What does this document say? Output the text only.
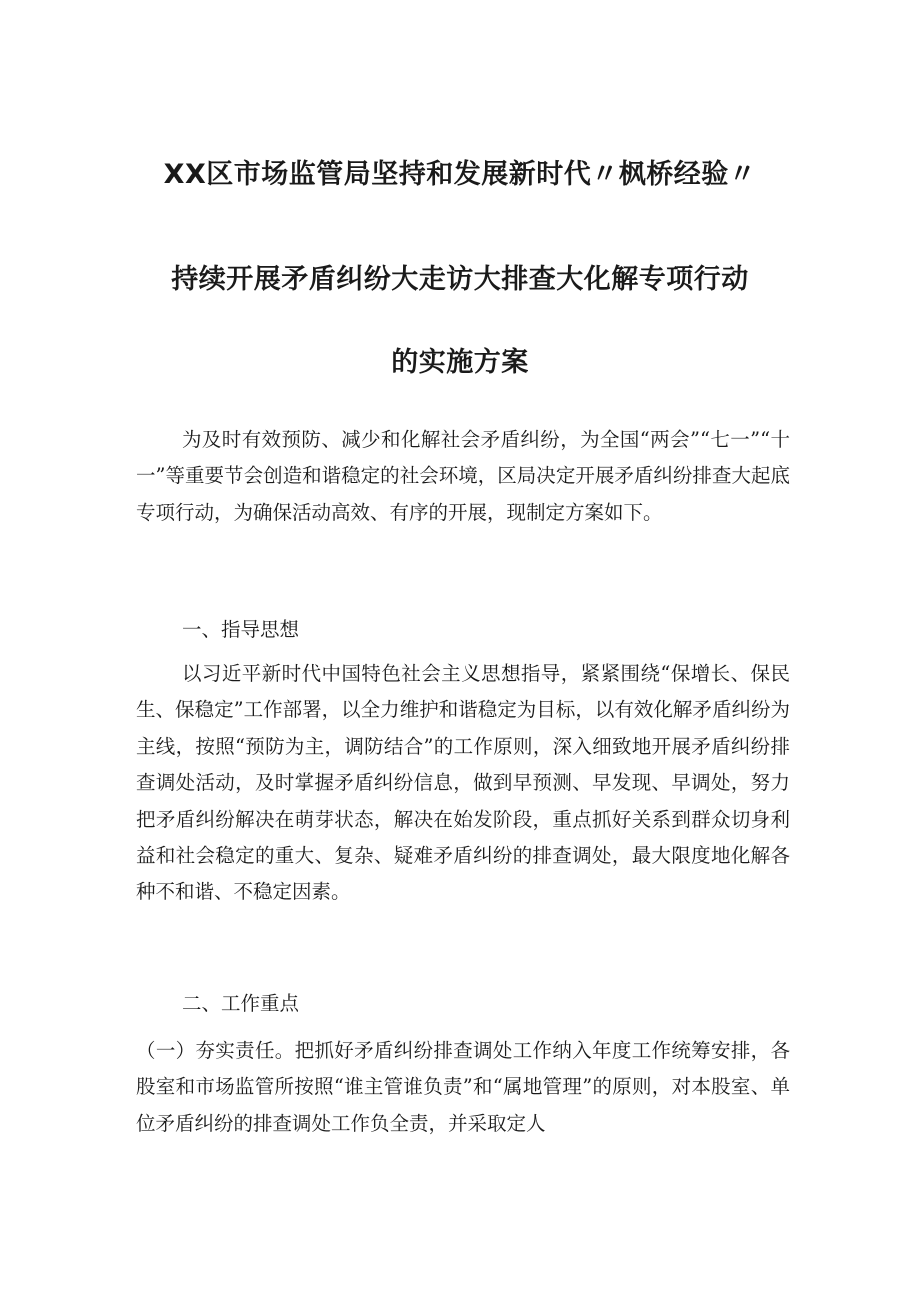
XX区市场监管局坚持和发展新时代〃枫桥经验〃
持续开展矛盾纠纷大走访大排查大化解专项行动
的实施方案

为及时有效预防、减少和化解社会矛盾纠纷，为全国“两会”“七一”“十一”等重要节会创造和谐稳定的社会环境，区局决定开展矛盾纠纷排查大起底专项行动，为确保活动高效、有序的开展，现制定方案如下。

一、指导思想

以习近平新时代中国特色社会主义思想指导，紧紧围绕“保增长、保民生、保稳定”工作部署，以全力维护和谐稳定为目标，以有效化解矛盾纠纷为主线，按照“预防为主，调防结合”的工作原则，深入细致地开展矛盾纠纷排查调处活动，及时掌握矛盾纠纷信息，做到早预测、早发现、早调处，努力把矛盾纠纷解决在萌芽状态，解决在始发阶段，重点抓好关系到群众切身利益和社会稳定的重大、复杂、疑难矛盾纠纷的排查调处，最大限度地化解各种不和谐、不稳定因素。

二、工作重点

（一）夯实责任。把抓好矛盾纠纷排查调处工作纳入年度工作统筹安排，各股室和市场监管所按照“谁主管谁负责”和“属地管理”的原则，对本股室、单位矛盾纠纷的排查调处工作负全责，并采取定人
